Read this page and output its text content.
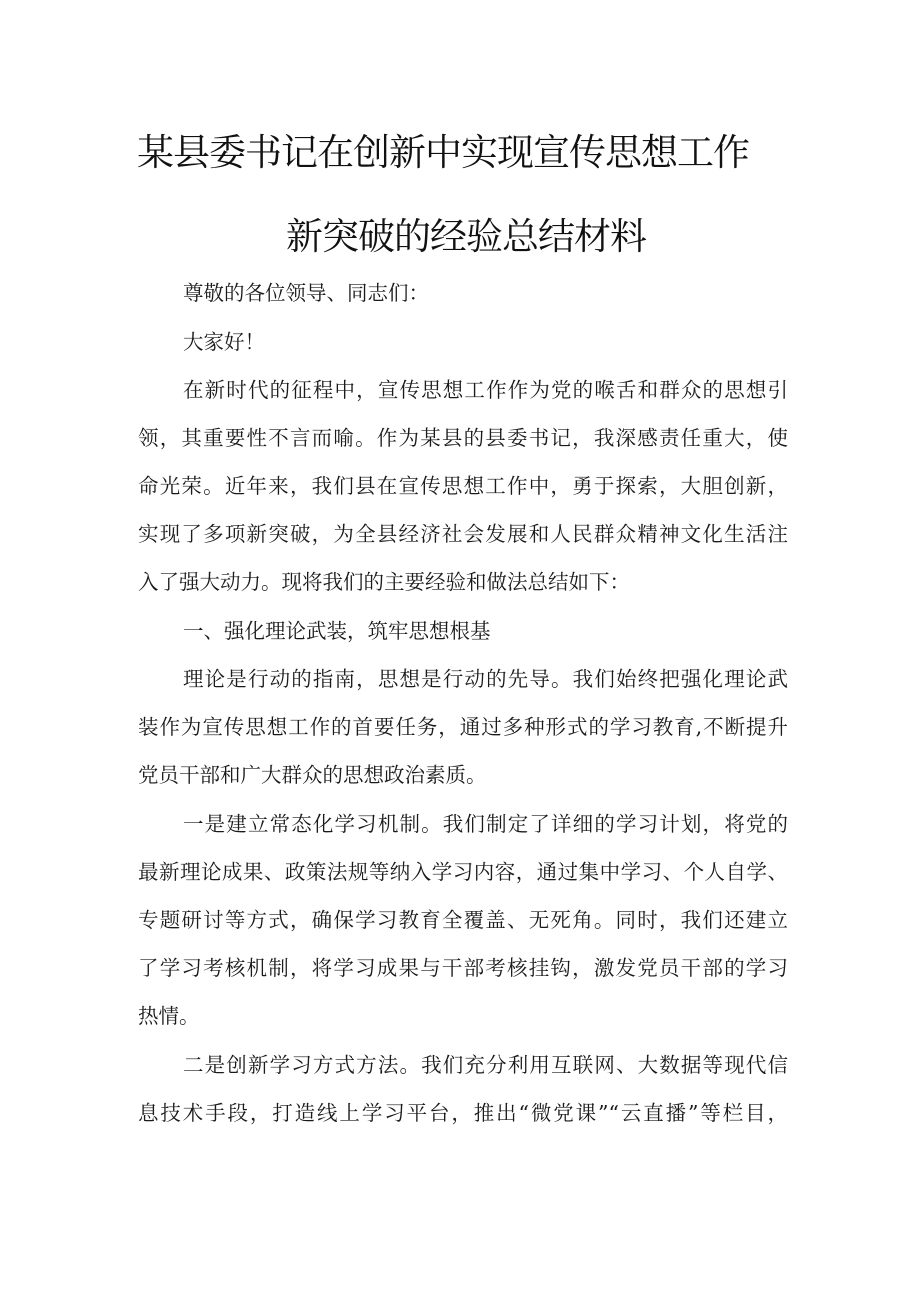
某县委书记在创新中实现宣传思想工作
新突破的经验总结材料
尊敬的各位领导、同志们：
大家好！
在新时代的征程中，宣传思想工作作为党的喉舌和群众的思想引
领，其重要性不言而喻。作为某县的县委书记，我深感责任重大，使
命光荣。近年来，我们县在宣传思想工作中，勇于探索，大胆创新，
实现了多项新突破，为全县经济社会发展和人民群众精神文化生活注
入了强大动力。现将我们的主要经验和做法总结如下：
一、强化理论武装，筑牢思想根基
理论是行动的指南，思想是行动的先导。我们始终把强化理论武
装作为宣传思想工作的首要任务，通过多种形式的学习教育,不断提升
党员干部和广大群众的思想政治素质。
一是建立常态化学习机制。我们制定了详细的学习计划，将党的
最新理论成果、政策法规等纳入学习内容，通过集中学习、个人自学、
专题研讨等方式，确保学习教育全覆盖、无死角。同时，我们还建立
了学习考核机制，将学习成果与干部考核挂钩，激发党员干部的学习
热情。
二是创新学习方式方法。我们充分利用互联网、大数据等现代信
息技术手段，打造线上学习平台，推出“微党课”“云直播”等栏目，
